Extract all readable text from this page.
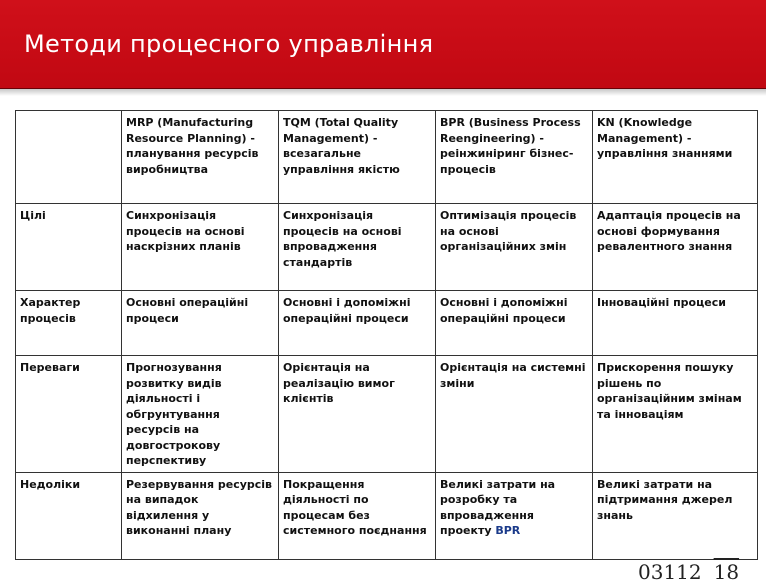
Методи процесного управління
	MRP (Manufacturing Resource Planning) - планування ресурсів виробництва	TQM (Total Quality Management) - всезагальне управління якістю	BPR (Business Process Reengineering) - реінжиніринг бізнес-процесів	KN (Knowledge Management) - управління знаннями
Цілі	Синхронізація процесів на основі наскрізних планів	Синхронізація процесів на основі впровадження стандартів	Оптимізація процесів на основі організаційних змін	Адаптація процесів на основі формування ревалентного знання
Характер процесів	Основні операційні процеси	Основні і допоміжні операційні процеси	Основні і допоміжні операційні процеси	Інноваційні процеси
Переваги	Прогнозування розвитку видів діяльності і обгрунтування ресурсів на довгострокову перспективу	Орієнтація на реалізацію вимог клієнтів	Орієнтація на системні зміни	Прискорення пошуку рішень по організаційним змінам та інноваціям
Недоліки	Резервування ресурсів на випадок відхилення у виконанні плану	Покращення діяльності по процесам без системного поєднання	Великі затрати на розробку та впровадження проекту BPR	Великі затрати на підтримання джерел знань
03112 18
